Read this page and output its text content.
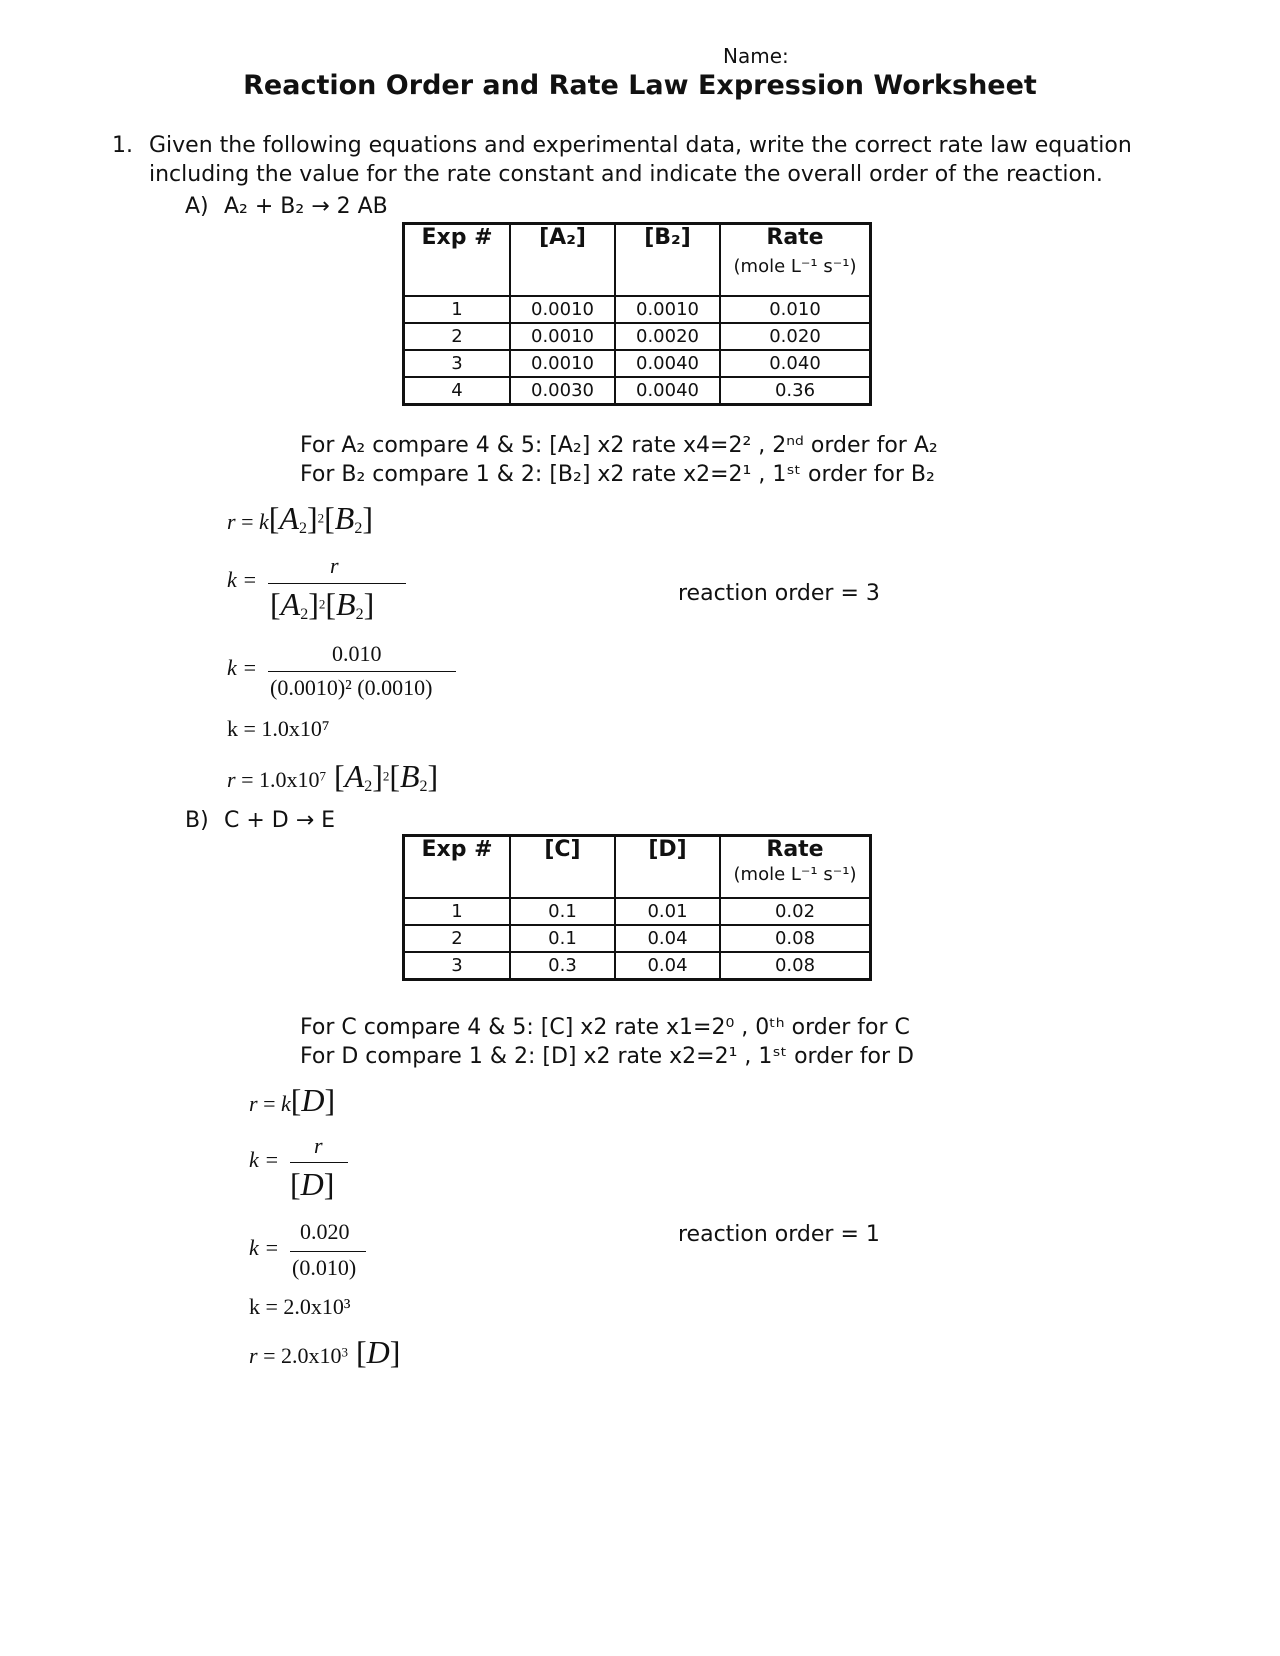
Name:
Reaction Order and Rate Law Expression Worksheet
1. Given the following equations and experimental data, write the correct rate law equation
including the value for the rate constant and indicate the overall order of the reaction.
A) A₂ + B₂ → 2 AB
Exp #	[A₂]	[B₂]	Rate
(mole L⁻¹ s⁻¹)

1	0.0010	0.0010	0.010
2	0.0010	0.0020	0.020
3	0.0010	0.0040	0.040
4	0.0030	0.0040	0.36
For A₂ compare 4 & 5: [A₂] x2 rate x4=2² , 2ⁿᵈ order for A₂
For B₂ compare 1 & 2: [B₂] x2 rate x2=2¹ , 1ˢᵗ order for B₂
$r = k[A2]^2[B2]$
k =
r
$[A2]^2[B2]$	reaction order = 3
0.010
k =
(0.0010)² (0.0010)
k = 1.0x10⁷
$r = 1.0x10^7$ $[A2]^2[B2]$
B) C + D → E
Exp #	[C]	[D]	Rate
(mole L⁻¹ s⁻¹)

1	0.1	0.01	0.02
2	0.1	0.04	0.08
3	0.3	0.04	0.08
For C compare 4 & 5: [C] x2 rate x1=2⁰ , 0ᵗʰ order for C
For D compare 1 & 2: [D] x2 rate x2=2¹ , 1ˢᵗ order for D
r = k[D]
k =
r
[D]
0.020
k =
(0.010)
reaction order = 1
k = 2.0x10³
$r = 2.0x10^3$ [D]
